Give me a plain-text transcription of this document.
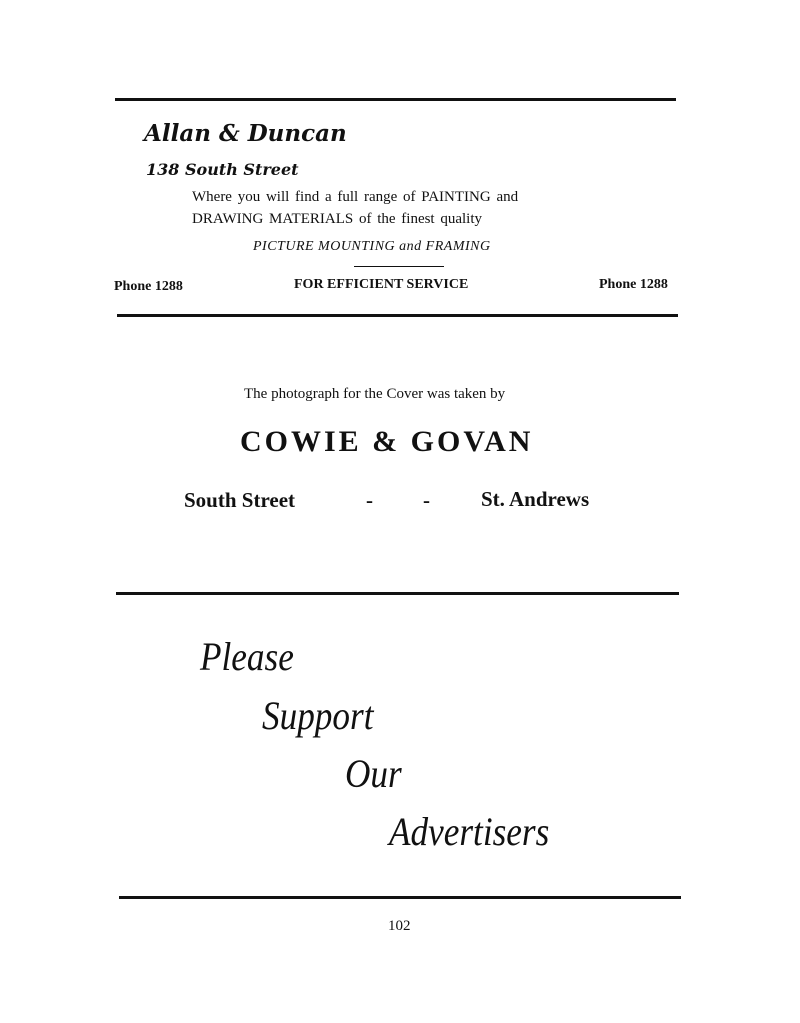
Allan & Duncan
138 South Street
Where you will find a full range of PAINTING and
DRAWING MATERIALS of the finest quality
PICTURE MOUNTING and FRAMING
Phone 1288	FOR EFFICIENT SERVICE	Phone 1288
The photograph for the Cover was taken by
COWIE & GOVAN
South Street	- - St. Andrews
Please
Support
Our
Advertisers
102
